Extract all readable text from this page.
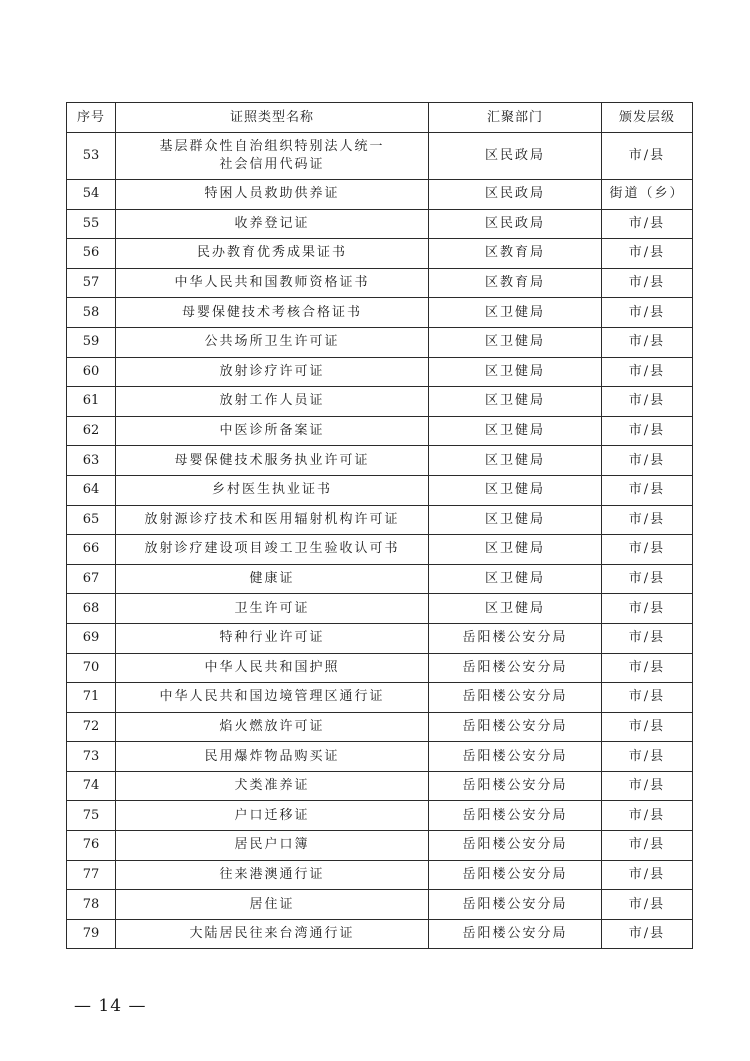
序号	证照类型名称	汇聚部门	颁发层级
53	基层群众性自治组织特别法人统一
社会信用代码证	区民政局	市/县
54	特困人员救助供养证	区民政局	街道（乡）
55	收养登记证	区民政局	市/县
56	民办教育优秀成果证书	区教育局	市/县
57	中华人民共和国教师资格证书	区教育局	市/县
58	母婴保健技术考核合格证书	区卫健局	市/县
59	公共场所卫生许可证	区卫健局	市/县
60	放射诊疗许可证	区卫健局	市/县
61	放射工作人员证	区卫健局	市/县
62	中医诊所备案证	区卫健局	市/县
63	母婴保健技术服务执业许可证	区卫健局	市/县
64	乡村医生执业证书	区卫健局	市/县
65	放射源诊疗技术和医用辐射机构许可证	区卫健局	市/县
66	放射诊疗建设项目竣工卫生验收认可书	区卫健局	市/县
67	健康证	区卫健局	市/县
68	卫生许可证	区卫健局	市/县
69	特种行业许可证	岳阳楼公安分局	市/县
70	中华人民共和国护照	岳阳楼公安分局	市/县
71	中华人民共和国边境管理区通行证	岳阳楼公安分局	市/县
72	焰火燃放许可证	岳阳楼公安分局	市/县
73	民用爆炸物品购买证	岳阳楼公安分局	市/县
74	犬类准养证	岳阳楼公安分局	市/县
75	户口迁移证	岳阳楼公安分局	市/县
76	居民户口簿	岳阳楼公安分局	市/县
77	往来港澳通行证	岳阳楼公安分局	市/县
78	居住证	岳阳楼公安分局	市/县
79	大陆居民往来台湾通行证	岳阳楼公安分局	市/县
— 14 —
